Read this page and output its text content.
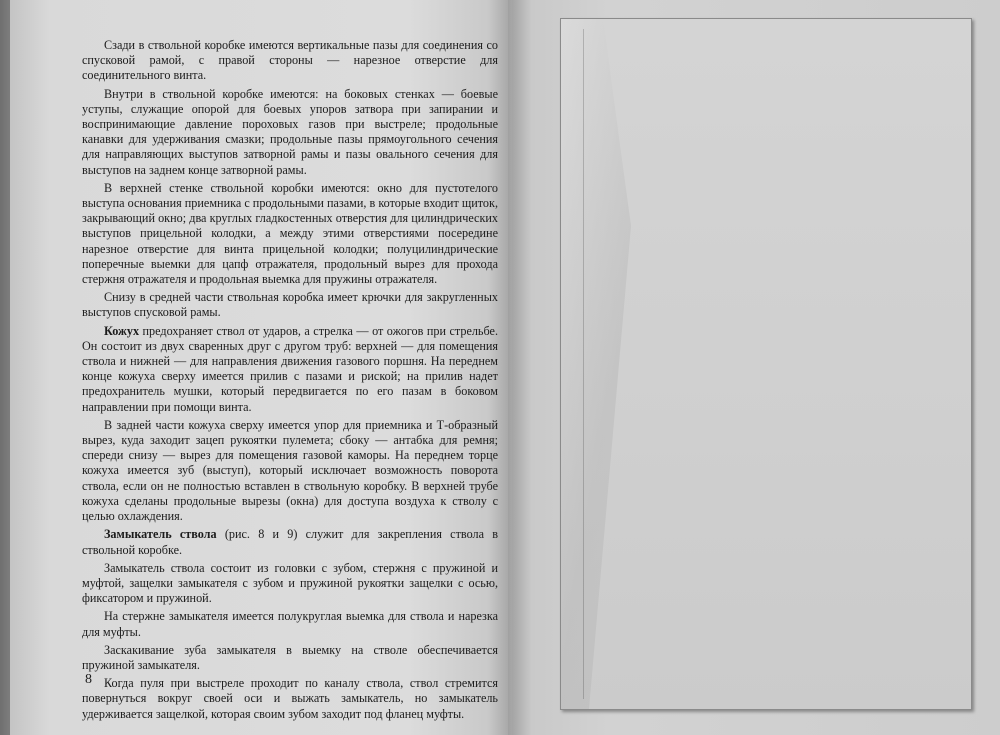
Сзади в ствольной коробке имеются вертикальные пазы для соединения со спусковой рамой, с правой стороны — нарезное отверстие для соединительного винта.

Внутри в ствольной коробке имеются: на боковых стенках — боевые уступы, служащие опорой для боевых упоров затвора при запирании и воспринимающие давление пороховых газов при выстреле; продольные канавки для удерживания смазки; продольные пазы прямоугольного сечения для направляющих выступов затворной рамы и пазы овального сечения для выступов на заднем конце затворной рамы.

В верхней стенке ствольной коробки имеются: окно для пустотелого выступа основания приемника с продольными пазами, в которые входит щиток, закрывающий окно; два круглых гладкостенных отверстия для цилиндрических выступов прицельной колодки, а между этими отверстиями посередине нарезное отверстие для винта прицельной колодки; полуцилиндрические поперечные выемки для цапф отражателя, продольный вырез для прохода стержня отражателя и продольная выемка для пружины отражателя.

Снизу в средней части ствольная коробка имеет крючки для закругленных выступов спусковой рамы.

Кожух предохраняет ствол от ударов, а стрелка — от ожогов при стрельбе. Он состоит из двух сваренных друг с другом труб: верхней — для помещения ствола и нижней — для направления движения газового поршня. На переднем конце кожуха сверху имеется прилив с пазами и риской; на прилив надет предохранитель мушки, который передвигается по его пазам в боковом направлении при помощи винта.

В задней части кожуха сверху имеется упор для приемника и Т-образный вырез, куда заходит зацеп рукоятки пулемета; сбоку — антабка для ремня; спереди снизу — вырез для помещения газовой каморы. На переднем торце кожуха имеется зуб (выступ), который исключает возможность поворота ствола, если он не полностью вставлен в ствольную коробку. В верхней трубе кожуха сделаны продольные вырезы (окна) для доступа воздуха к стволу с целью охлаждения.

Замыкатель ствола (рис. 8 и 9) служит для закрепления ствола в ствольной коробке.

Замыкатель ствола состоит из головки с зубом, стержня с пружиной и муфтой, защелки замыкателя с зубом и пружиной рукоятки защелки с осью, фиксатором и пружиной.

На стержне замыкателя имеется полукруглая выемка для ствола и нарезка для муфты.

Заскакивание зуба замыкателя в выемку на стволе обеспечивается пружиной замыкателя.

Когда пуля при выстреле проходит по каналу ствола, ствол стремится повернуться вокруг своей оси и выжать замыкатель, но замыкатель удерживается защелкой, которая своим зубом заходит под фланец муфты.

8
